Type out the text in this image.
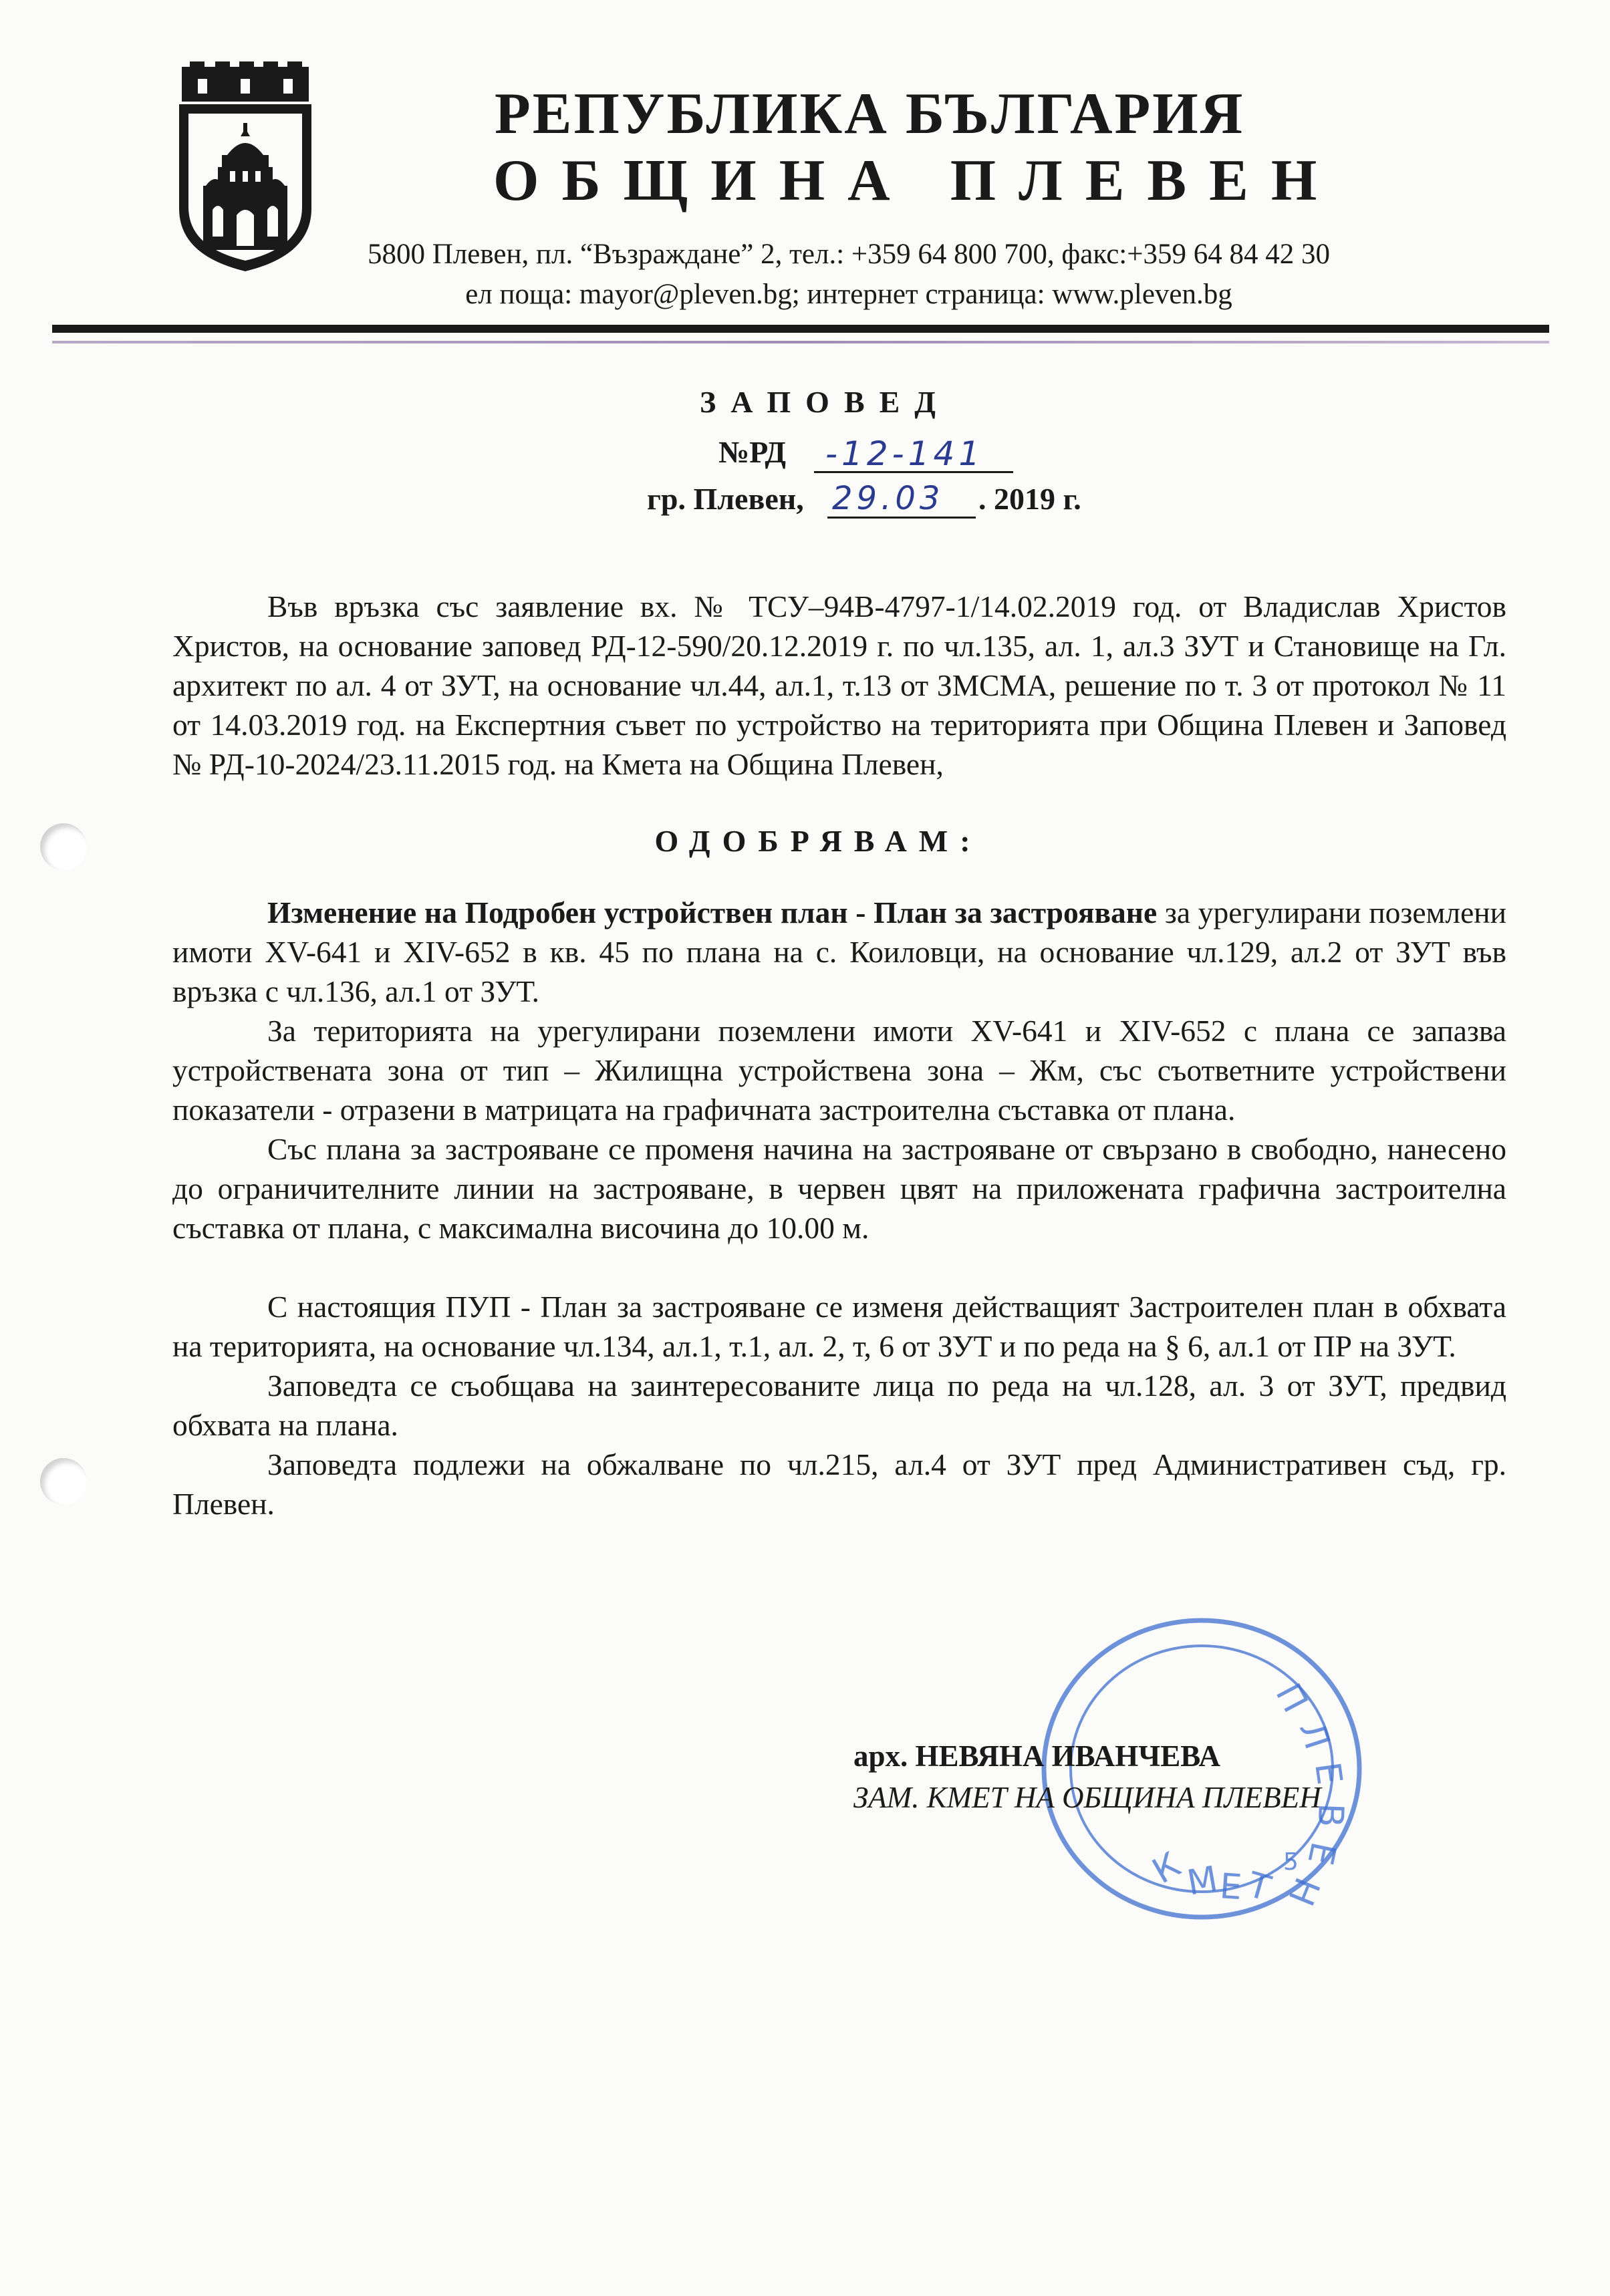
РЕПУБЛИКА БЪЛГАРИЯ
ОБЩИНА ПЛЕВЕН
5800 Плевен, пл. “Възраждане” 2, тел.: +359 64 800 700, факс:+359 64 84 42 30
ел поща: mayor@pleven.bg; интернет страница: www.pleven.bg
ЗАПОВЕД
№РД -12-141
гр. Плевен, 29.03 . 2019 г.
Във връзка със заявление вх. № ТСУ–94В-4797-1/14.02.2019 год. от Владислав Христов Христов, на основание заповед РД-12-590/20.12.2019 г. по чл.135, ал. 1, ал.3 ЗУТ и Становище на Гл. архитект по ал. 4 от ЗУТ, на основание чл.44, ал.1, т.13 от ЗМСМА, решение по т. 3 от протокол № 11 от 14.03.2019 год. на Експертния съвет по устройство на територията при Община Плевен и Заповед № РД-10-2024/23.11.2015 год. на Кмета на Община Плевен,
ОДОБРЯВАМ:
Изменение на Подробен устройствен план - План за застрояване за урегулирани поземлени имоти ХV-641 и ХIV-652 в кв. 45 по плана на с. Коиловци, на основание чл.129, ал.2 от ЗУТ във връзка с чл.136, ал.1 от ЗУТ.
За територията на урегулирани поземлени имоти ХV-641 и ХIV-652 с плана се запазва устройствената зона от тип – Жилищна устройствена зона – Жм, със съответните устройствени показатели - отразени в матрицата на графичната застроителна съставка от плана.
Със плана за застрояване се променя начина на застрояване от свързано в свободно, нанесено до ограничителните линии на застрояване, в червен цвят на приложената графична застроителна съставка от плана, с максимална височина до 10.00 м.
С настоящия ПУП - План за застрояване се изменя действащият Застроителен план в обхвата на територията, на основание чл.134, ал.1, т.1, ал. 2, т, 6 от ЗУТ и по реда на § 6, ал.1 от ПР на ЗУТ.
Заповедта се съобщава на заинтересованите лица по реда на чл.128, ал. 3 от ЗУТ, предвид обхвата на плана.
Заповедта подлежи на обжалване по чл.215, ал.4 от ЗУТ пред Административен съд, гр. Плевен.
П
Л
Е
В
Е
Н
К
М
Е Т
5
арх. НЕВЯНА ИВАНЧЕВА
ЗАМ. КМЕТ НА ОБЩИНА ПЛЕВЕН
